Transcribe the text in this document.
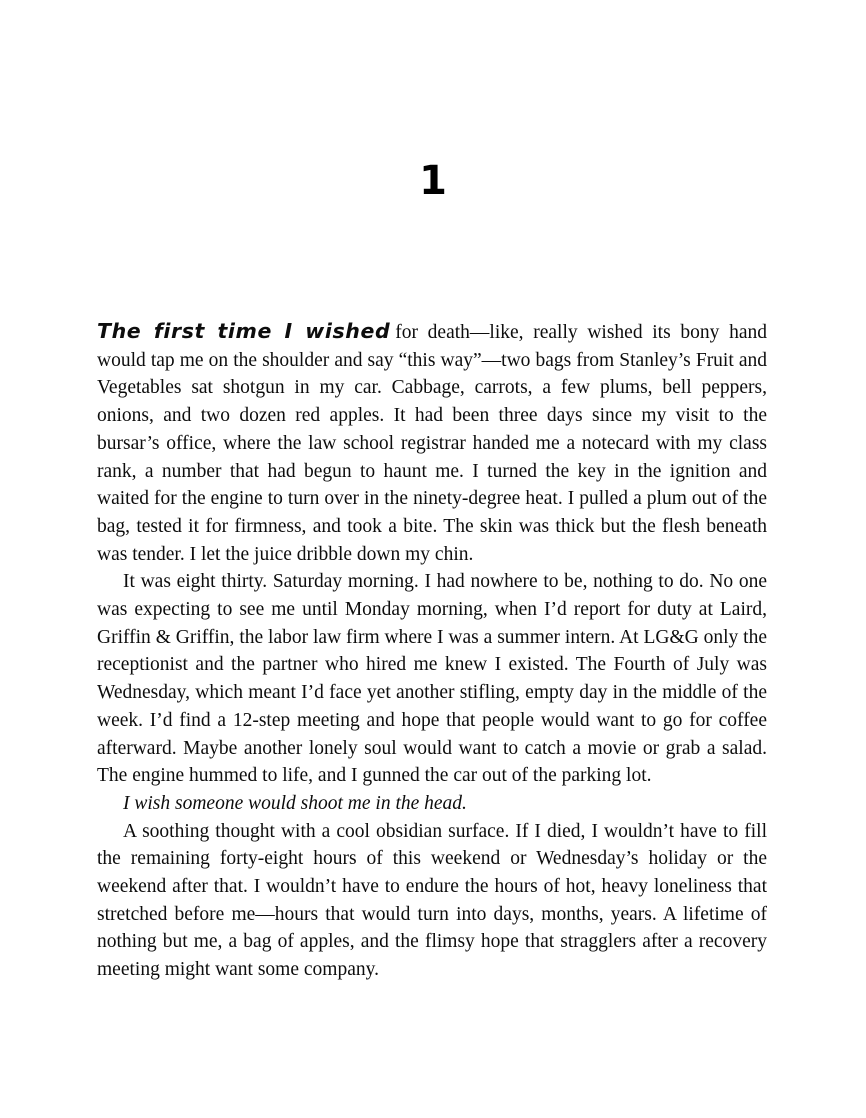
1

The first time I wished for death—like, really wished its bony hand would tap me on the shoulder and say “this way”—two bags from Stanley’s Fruit and Vegetables sat shotgun in my car. Cabbage, carrots, a few plums, bell peppers, onions, and two dozen red apples. It had been three days since my visit to the bursar’s office, where the law school registrar handed me a notecard with my class rank, a number that had begun to haunt me. I turned the key in the ignition and waited for the engine to turn over in the ninety-degree heat. I pulled a plum out of the bag, tested it for firmness, and took a bite. The skin was thick but the flesh beneath was tender. I let the juice dribble down my chin.

It was eight thirty. Saturday morning. I had nowhere to be, nothing to do. No one was expecting to see me until Monday morning, when I’d report for duty at Laird, Griffin & Griffin, the labor law firm where I was a summer intern. At LG&G only the receptionist and the partner who hired me knew I existed. The Fourth of July was Wednesday, which meant I’d face yet another stifling, empty day in the middle of the week. I’d find a 12-step meeting and hope that people would want to go for coffee afterward. Maybe another lonely soul would want to catch a movie or grab a salad. The engine hummed to life, and I gunned the car out of the parking lot.

I wish someone would shoot me in the head.

A soothing thought with a cool obsidian surface. If I died, I wouldn’t have to fill the remaining forty-eight hours of this weekend or Wednesday’s holiday or the weekend after that. I wouldn’t have to endure the hours of hot, heavy loneliness that stretched before me—hours that would turn into days, months, years. A lifetime of nothing but me, a bag of apples, and the flimsy hope that stragglers after a recovery meeting might want some company.
